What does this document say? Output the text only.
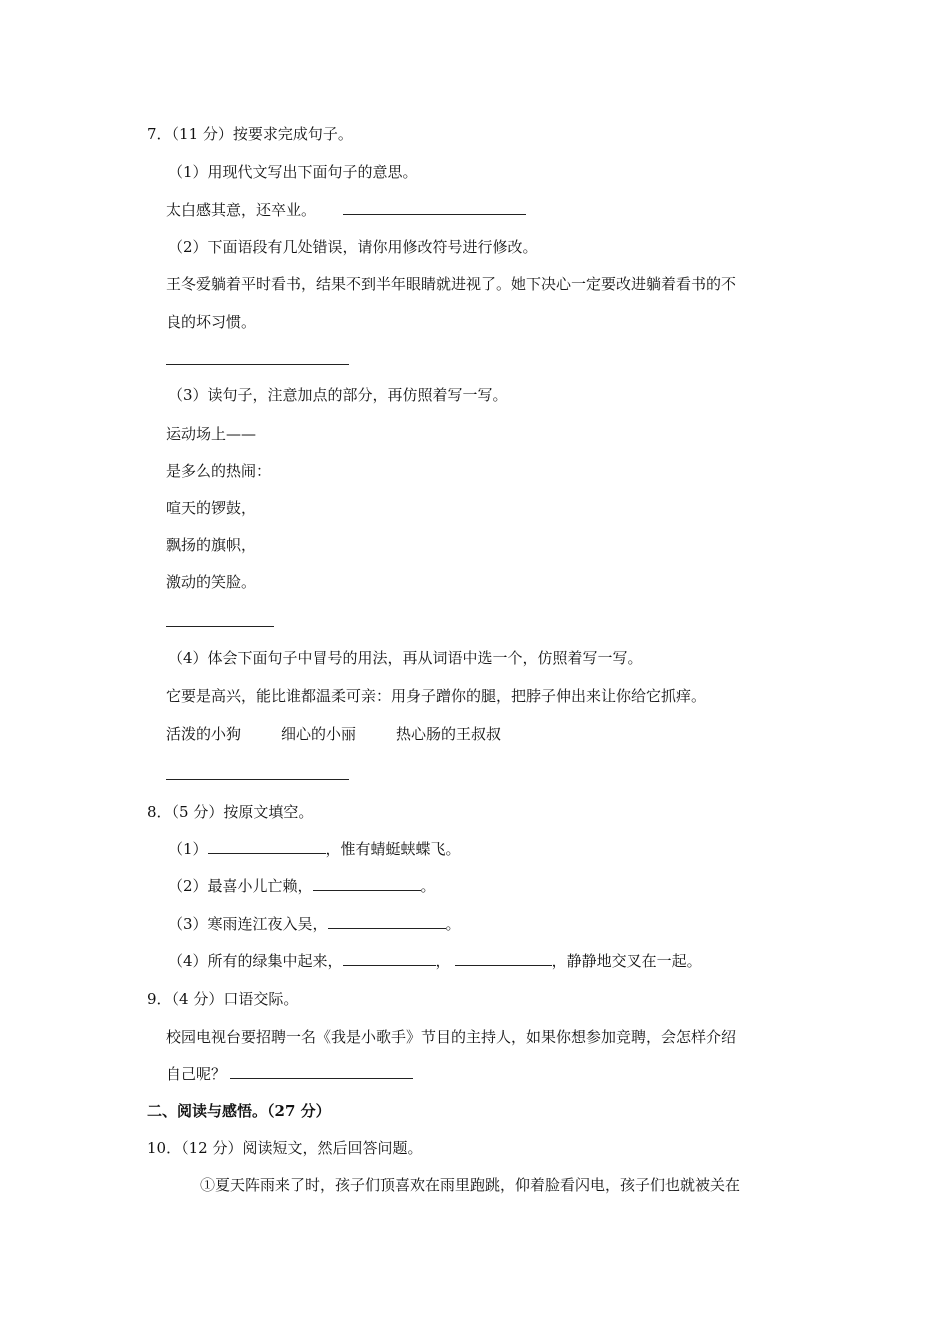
7．（11 分）按要求完成句子。
（1）用现代文写出下面句子的意思。
太白感其意，还卒业。
（2）下面语段有几处错误，请你用修改符号进行修改。
王冬爱躺着平时看书，结果不到半年眼睛就进视了。她下决心一定要改进躺着看书的不
良的坏习惯。
（3）读句子，注意加点的部分，再仿照着写一写。
运动场上——
是多么的热闹：
喧天的锣鼓，
飘扬的旗帜，
激动的笑脸。
（4）体会下面句子中冒号的用法，再从词语中选一个，仿照着写一写。
它要是高兴，能比谁都温柔可亲：用身子蹭你的腿，把脖子伸出来让你给它抓痒。
活泼的小狗	细心的小丽	热心肠的王叔叔
8．（5 分）按原文填空。
（1）	，惟有蜻蜓蛱蝶飞。
（2）最喜小儿亡赖，	。
（3）寒雨连江夜入吴，	。
（4）所有的绿集中起来，	，	，静静地交叉在一起。
9．（4 分）口语交际。
校园电视台要招聘一名《我是小歌手》节目的主持人，如果你想参加竞聘，会怎样介绍
自己呢？
二、阅读与感悟。（27 分）
10．（12 分）阅读短文，然后回答问题。
①夏天阵雨来了时，孩子们顶喜欢在雨里跑跳，仰着脸看闪电，孩子们也就被关在
